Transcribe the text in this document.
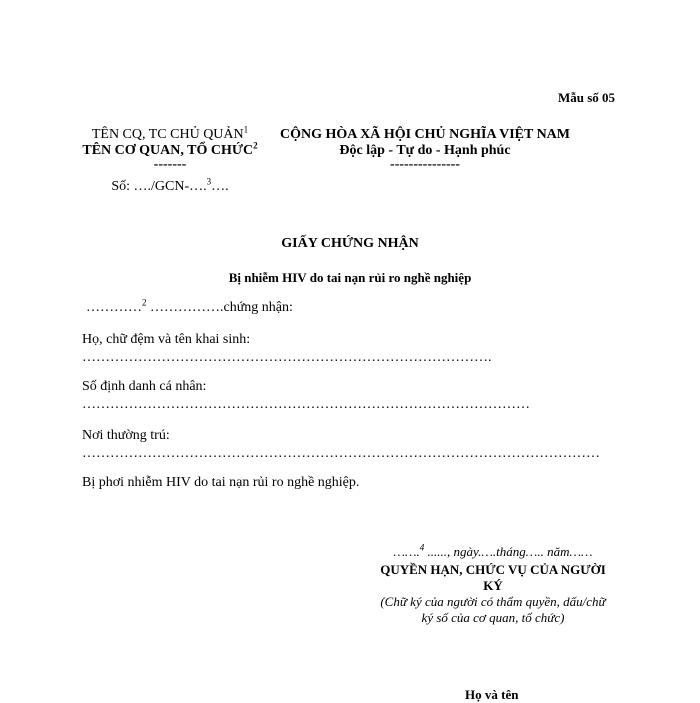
Mẫu số 05
TÊN CQ, TC CHỦ QUẢN$^1$
TÊN CƠ QUAN, TỔ CHỨC$^2$
-------
Số: …./GCN-….$^3$….
CỘNG HÒA XÃ HỘI CHỦ NGHĨA VIỆT NAM
Độc lập - Tự do - Hạnh phúc
---------------
GIẤY CHỨNG NHẬN
Bị nhiễm HIV do tai nạn rủi ro nghề nghiệp
…………$^2$ …………….chứng nhận:
Họ, chữ đệm và tên khai sinh:
…………………………………………………………………………….
Số định danh cá nhân:
……………………………………………………………………………………
Nơi thường trú:
…………………………………………………………………………………………………
Bị phơi nhiễm HIV do tai nạn rủi ro nghề nghiệp.
…….$^4$ ......, ngày.….tháng….. năm……
QUYỀN HẠN, CHỨC VỤ CỦA NGƯỜI
KÝ
(Chữ ký của người có thẩm quyền, dấu/chữ
ký số của cơ quan, tổ chức)
Họ và tên
